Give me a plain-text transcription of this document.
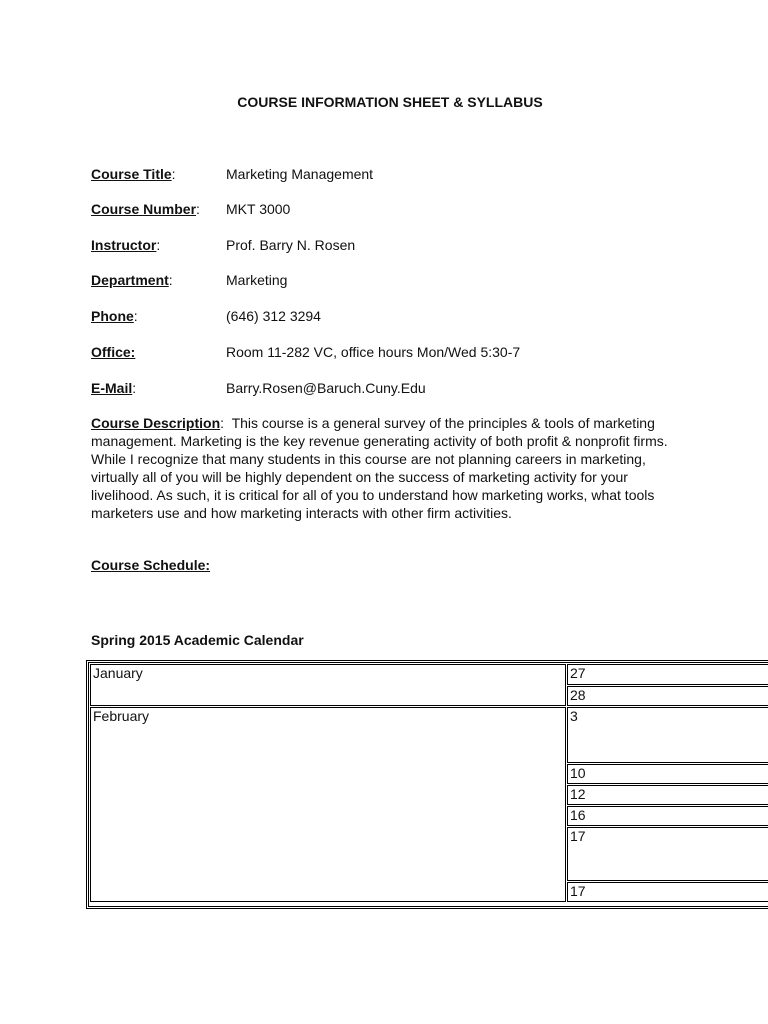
COURSE INFORMATION SHEET & SYLLABUS
Course Title:	Marketing Management
Course Number: MKT 3000
Instructor:	Prof. Barry N. Rosen
Department:	Marketing
Phone:	(646) 312 3294
Office:	Room 11-282 VC, office hours Mon/Wed 5:30-7
E-Mail:	Barry.Rosen@Baruch.Cuny.Edu
Course Description: This course is a general survey of the principles & tools of marketing management. Marketing is the key revenue generating activity of both profit & nonprofit firms. While I recognize that many students in this course are not planning careers in marketing, virtually all of you will be highly dependent on the success of marketing activity for your livelihood. As such, it is critical for all of you to understand how marketing works, what tools marketers use and how marketing interacts with other firm activities.
Course Schedule:
Spring 2015 Academic Calendar
January	27
	28
February	3
	10
	12
	16
	17
	17
